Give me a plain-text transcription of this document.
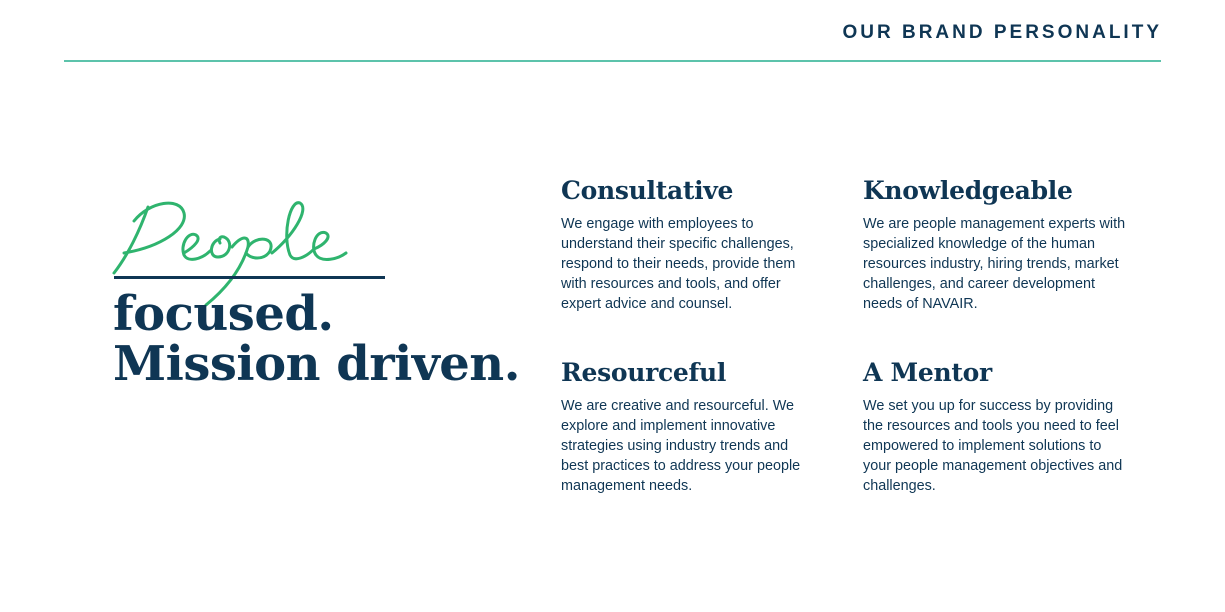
OUR BRAND PERSONALITY
focused.
Mission driven.
Consultative

We engage with employees to understand their specific challenges, respond to their needs, provide them with resources and tools, and offer expert advice and counsel.

Knowledgeable

We are people management experts with specialized knowledge of the human resources industry, hiring trends, market challenges, and career development needs of NAVAIR.

Resourceful

We are creative and resourceful. We explore and implement innovative strategies using industry trends and best practices to address your people management needs.

A Mentor

We set you up for success by providing the resources and tools you need to feel empowered to implement solutions to your people management objectives and challenges.
